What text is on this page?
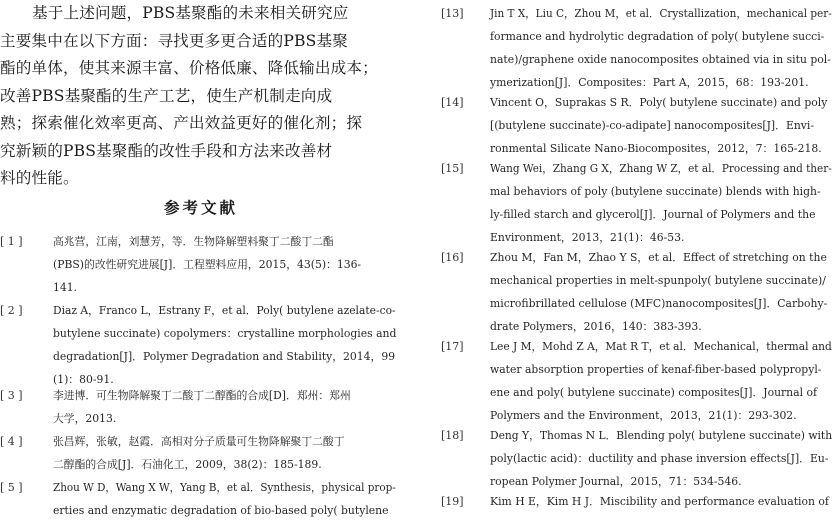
基于上述问题，PBS基聚酯的未来相关研究应
主要集中在以下方面：寻找更多更合适的PBS基聚
酯的单体，使其来源丰富、价格低廉、降低输出成本；
改善PBS基聚酯的生产工艺，使生产机制走向成
熟；探索催化效率更高、产出效益更好的催化剂；探
究新颖的PBS基聚酯的改性手段和方法来改善材
料的性能。
参考文献
[ 1 ]	高兆营，江南，刘慧芳，等．生物降解塑料聚丁二酸丁二酯
(PBS)的改性研究进展[J]．工程塑料应用，2015，43(5)：136-
141.
[ 2 ]	Diaz A，Franco L，Estrany F，et al．Poly( butylene azelate-co-
butylene succinate) copolymers：crystalline morphologies and
degradation[J]．Polymer Degradation and Stability，2014，99
(1)：80-91.
[ 3 ]	李进博．可生物降解聚丁二酸丁二醇酯的合成[D]．郑州：郑州
大学，2013.
[ 4 ]	张昌辉，张敏，赵霞．高相对分子质量可生物降解聚丁二酸丁
二醇酯的合成[J]．石油化工，2009，38(2)：185-189.
[ 5 ]	Zhou W D，Wang X W，Yang B，et al．Synthesis，physical prop-
erties and enzymatic degradation of bio-based poly( butylene
[13] Jin T X，Liu C，Zhou M，et al．Crystallization，mechanical per-
formance and hydrolytic degradation of poly( butylene succi-
nate)/graphene oxide nanocomposites obtained via in situ pol-
ymerization[J]．Composites：Part A，2015，68：193-201.
[14] Vincent O，Suprakas S R．Poly( butylene succinate) and poly
[(butylene succinate)-co-adipate] nanocomposites[J]．Envi-
ronmental Silicate Nano-Biocomposites，2012，7：165-218.
[15] Wang Wei，Zhang G X，Zhang W Z，et al．Processing and ther-
mal behaviors of poly (butylene succinate) blends with high-
ly-filled starch and glycerol[J]．Journal of Polymers and the
Environment，2013，21(1)：46-53.
[16] Zhou M，Fan M，Zhao Y S，et al．Effect of stretching on the
mechanical properties in melt-spunpoly( butylene succinate)/
microfibrillated cellulose (MFC)nanocomposites[J]．Carbohy-
drate Polymers，2016，140：383-393.
[17] Lee J M，Mohd Z A，Mat R T，et al．Mechanical，thermal and
water absorption properties of kenaf-fiber-based polypropyl-
ene and poly( butylene succinate) composites[J]．Journal of
Polymers and the Environment，2013，21(1)：293-302.
[18] Deng Y，Thomas N L．Blending poly( butylene succinate) with
poly(lactic acid)：ductility and phase inversion effects[J]．Eu-
ropean Polymer Journal，2015，71：534-546.
[19] Kim H E，Kim H J．Miscibility and performance evaluation of
